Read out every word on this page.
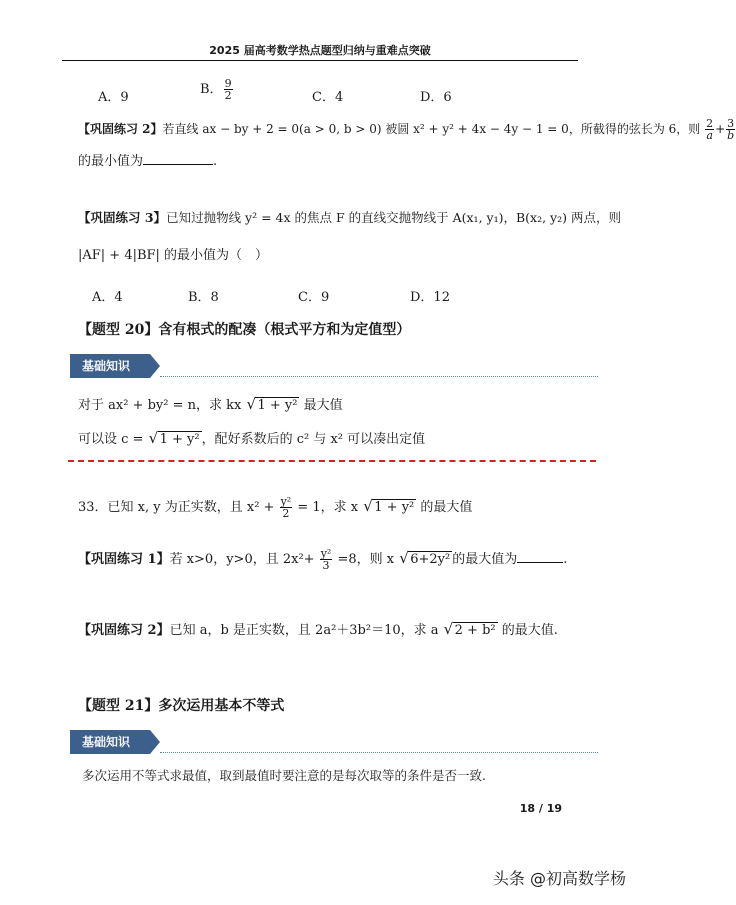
2025 届高考数学热点题型归纳与重难点突破
A．9
B． $\frac{9}{2}$	C．4	D．6
【巩固练习 2】若直线 ax − by + 2 = 0(a > 0, b > 0) 被圆 x² + y² + 4x − 4y − 1 = 0，所截得的弦长为 6，则 $\frac{2}{a} + \frac{3}{b}$
的最小值为	.
【巩固练习 3】已知过抛物线 y² = 4x 的焦点 F 的直线交抛物线于 A(x₁, y₁)，B(x₂, y₂) 两点，则
|AF| + 4|BF| 的最小值为（　）
A．4	B．8	C．9	D．12
【题型 20】含有根式的配凑（根式平方和为定值型）
基础知识
对于 ax² + by² = n，求 kx √ 1 + y² 最大值
可以设 c = √ 1 + y² ，配好系数后的 c² 与 x² 可以凑出定值
33．已知 x, y 为正实数，且 $x^2 + \frac{\text{y²}}{2} = 1$，求 x √ 1 + y² 的最大值
【巩固练习 1】若 x>0，y>0，且 $2x^2+ \frac{\text{y²}}{3} =8$，则 x √ 6+2y² 的最大值为	.
【巩固练习 2】已知 a，b 是正实数，且 2a²＋3b²＝10，求 a √ 2 + b² 的最大值.
【题型 21】多次运用基本不等式
基础知识
多次运用不等式求最值，取到最值时要注意的是每次取等的条件是否一致.
18 / 19
头条 @初高数学杨
